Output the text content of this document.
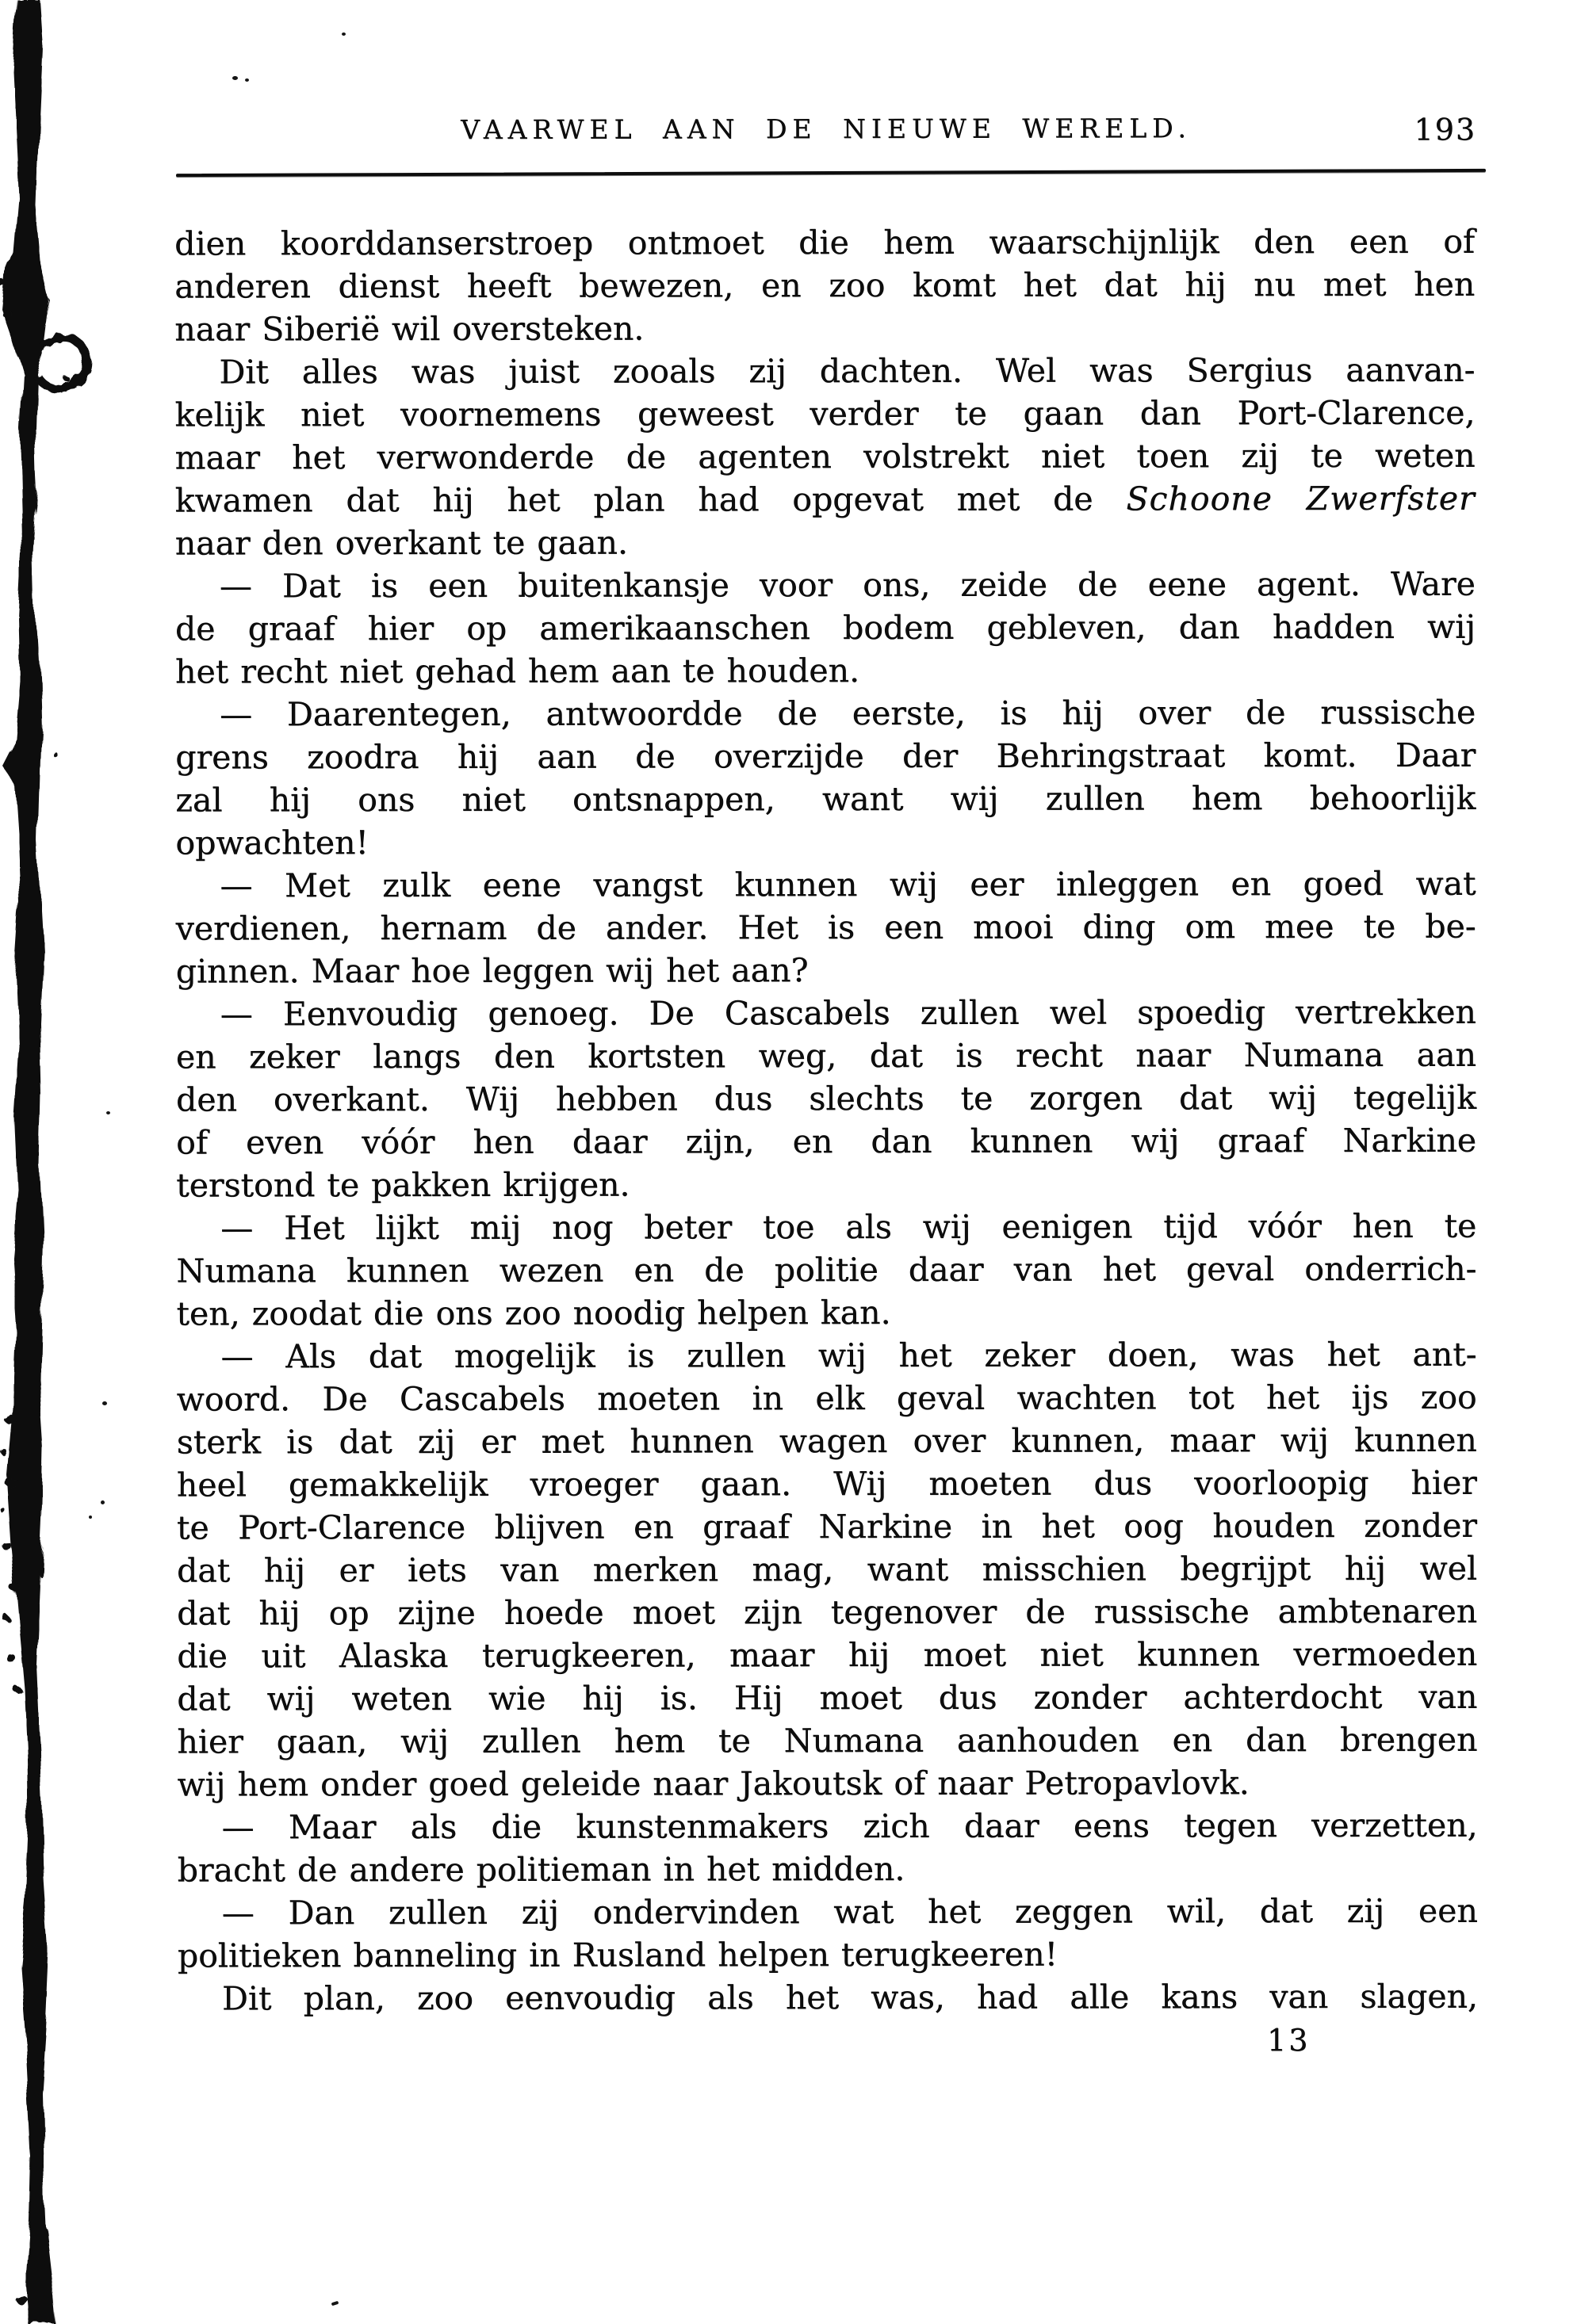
VAARWEL AAN DE NIEUWE WERELD.	193
dien koorddanserstroep ontmoet die hem waarschijnlijk den een of
anderen dienst heeft bewezen, en zoo komt het dat hij nu met hen
naar Siberië wil oversteken.
Dit alles was juist zooals zij dachten. Wel was Sergius aanvan-
kelijk niet voornemens geweest verder te gaan dan Port-Clarence,
maar het verwonderde de agenten volstrekt niet toen zij te weten
kwamen dat hij het plan had opgevat met de Schoone Zwerfster
naar den overkant te gaan.
— Dat is een buitenkansje voor ons, zeide de eene agent. Ware
de graaf hier op amerikaanschen bodem gebleven, dan hadden wij
het recht niet gehad hem aan te houden.
— Daarentegen, antwoordde de eerste, is hij over de russische
grens zoodra hij aan de overzijde der Behringstraat komt. Daar
zal hij ons niet ontsnappen, want wij zullen hem behoorlijk
opwachten!
— Met zulk eene vangst kunnen wij eer inleggen en goed wat
verdienen, hernam de ander. Het is een mooi ding om mee te be-
ginnen. Maar hoe leggen wij het aan?
— Eenvoudig genoeg. De Cascabels zullen wel spoedig vertrekken
en zeker langs den kortsten weg, dat is recht naar Numana aan
den overkant. Wij hebben dus slechts te zorgen dat wij tegelijk
of even vóór hen daar zijn, en dan kunnen wij graaf Narkine
terstond te pakken krijgen.
— Het lijkt mij nog beter toe als wij eenigen tijd vóór hen te
Numana kunnen wezen en de politie daar van het geval onderrich-
ten, zoodat die ons zoo noodig helpen kan.
— Als dat mogelijk is zullen wij het zeker doen, was het ant-
woord. De Cascabels moeten in elk geval wachten tot het ijs zoo
sterk is dat zij er met hunnen wagen over kunnen, maar wij kunnen
heel gemakkelijk vroeger gaan. Wij moeten dus voorloopig hier
te Port-Clarence blijven en graaf Narkine in het oog houden zonder
dat hij er iets van merken mag, want misschien begrijpt hij wel
dat hij op zijne hoede moet zijn tegenover de russische ambtenaren
die uit Alaska terugkeeren, maar hij moet niet kunnen vermoeden
dat wij weten wie hij is. Hij moet dus zonder achterdocht van
hier gaan, wij zullen hem te Numana aanhouden en dan brengen
wij hem onder goed geleide naar Jakoutsk of naar Petropavlovk.
— Maar als die kunstenmakers zich daar eens tegen verzetten,
bracht de andere politieman in het midden.
— Dan zullen zij ondervinden wat het zeggen wil, dat zij een
politieken banneling in Rusland helpen terugkeeren!
Dit plan, zoo eenvoudig als het was, had alle kans van slagen,
13
